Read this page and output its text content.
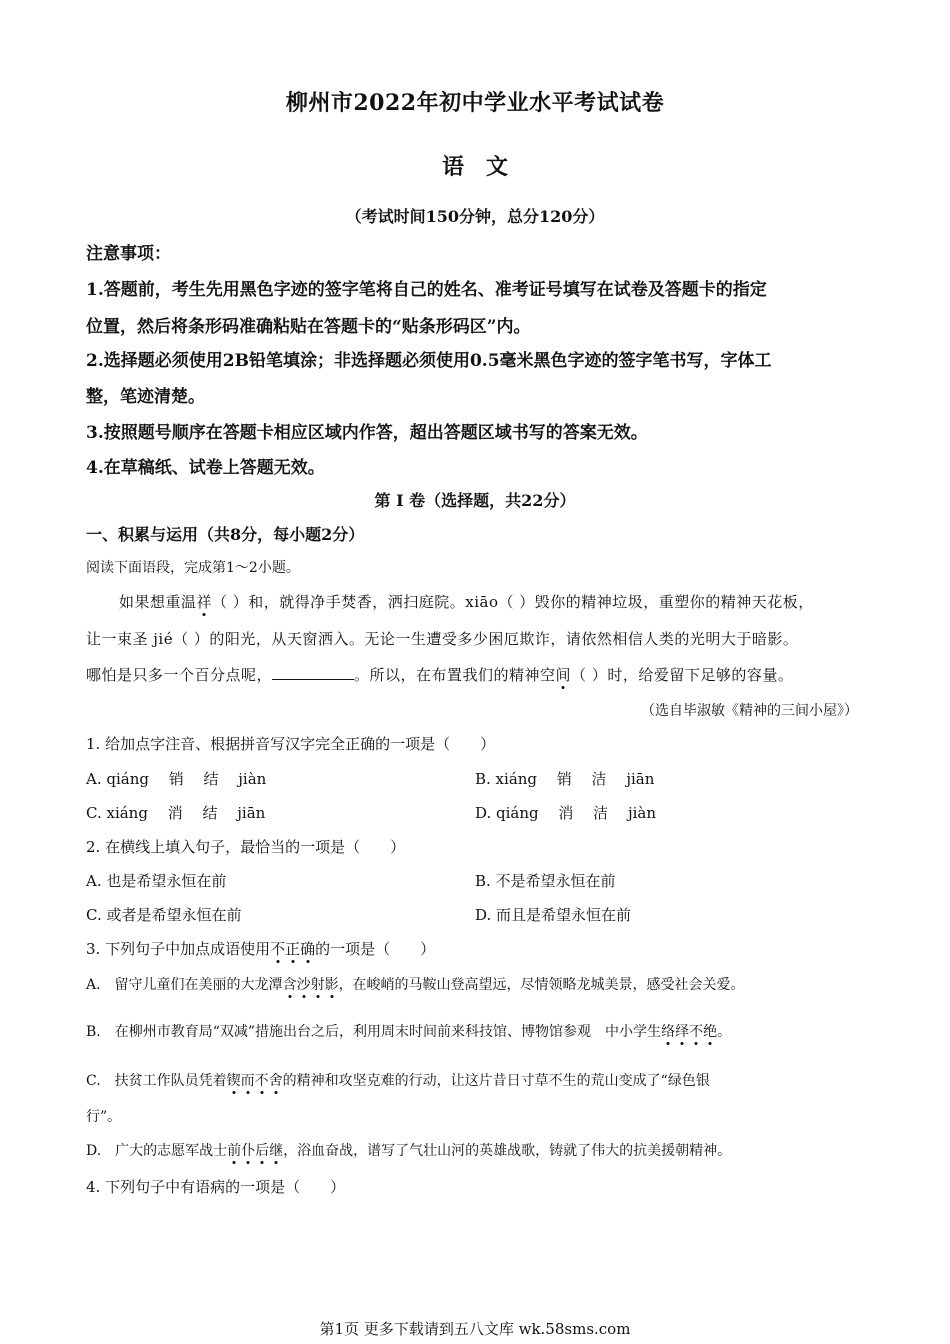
柳州市2022年初中学业水平考试试卷
语文
（考试时间150分钟，总分120分）
注意事项：
1.答题前，考生先用黑色字迹的签字笔将自己的姓名、准考证号填写在试卷及答题卡的指定
位置，然后将条形码准确粘贴在答题卡的“贴条形码区”内。
2.选择题必须使用2B铅笔填涂；非选择题必须使用0.5毫米黑色字迹的签字笔书写，字体工
整，笔迹清楚。
3.按照题号顺序在答题卡相应区域内作答，超出答题区域书写的答案无效。
4.在草稿纸、试卷上答题无效。
第 Ⅰ 卷（选择题，共22分）
一、积累与运用（共8分，每小题2分）
阅读下面语段，完成第1～2小题。
如果想重温祥（ ）和，就得净手焚香，洒扫庭院。xiāo（ ）毁你的精神垃圾，重塑你的精神天花板，
让一束圣 jié（ ）的阳光，从天窗洒入。无论一生遭受多少困厄欺诈，请依然相信人类的光明大于暗影。
哪怕是只多一个百分点呢，	。所以，在布置我们的精神空间（ ）时，给爱留下足够的容量。
（选自毕淑敏《精神的三间小屋》）
1. 给加点字注音、根据拼音写汉字完全正确的一项是（　　）
A. qiáng　 销　 结　 jiàn	B. xiáng　 销　 洁　 jiān
C. xiáng　 消　 结　 jiān	D. qiáng　 消　 洁　 jiàn
2. 在横线上填入句子，最恰当的一项是（　　）
A. 也是希望永恒在前	B. 不是希望永恒在前
C. 或者是希望永恒在前	D. 而且是希望永恒在前
3. 下列句子中加点成语使用不正确的一项是（　　）
A.　留守儿童们在美丽的大龙潭含沙射影，在峻峭的马鞍山登高望远，尽情领略龙城美景，感受社会关爱。
B.　在柳州市教育局“双减”措施出台之后，利用周末时间前来科技馆、博物馆参观　中小学生络绎不绝。
C.　扶贫工作队员凭着锲而不舍的精神和攻坚克难的行动，让这片昔日寸草不生的荒山变成了“绿色银
行”。
D.　广大的志愿军战士前仆后继，浴血奋战，谱写了气壮山河的英雄战歌，铸就了伟大的抗美援朝精神。
4. 下列句子中有语病的一项是（　　）
第1页 更多下载请到五八文库 wk.58sms.com
